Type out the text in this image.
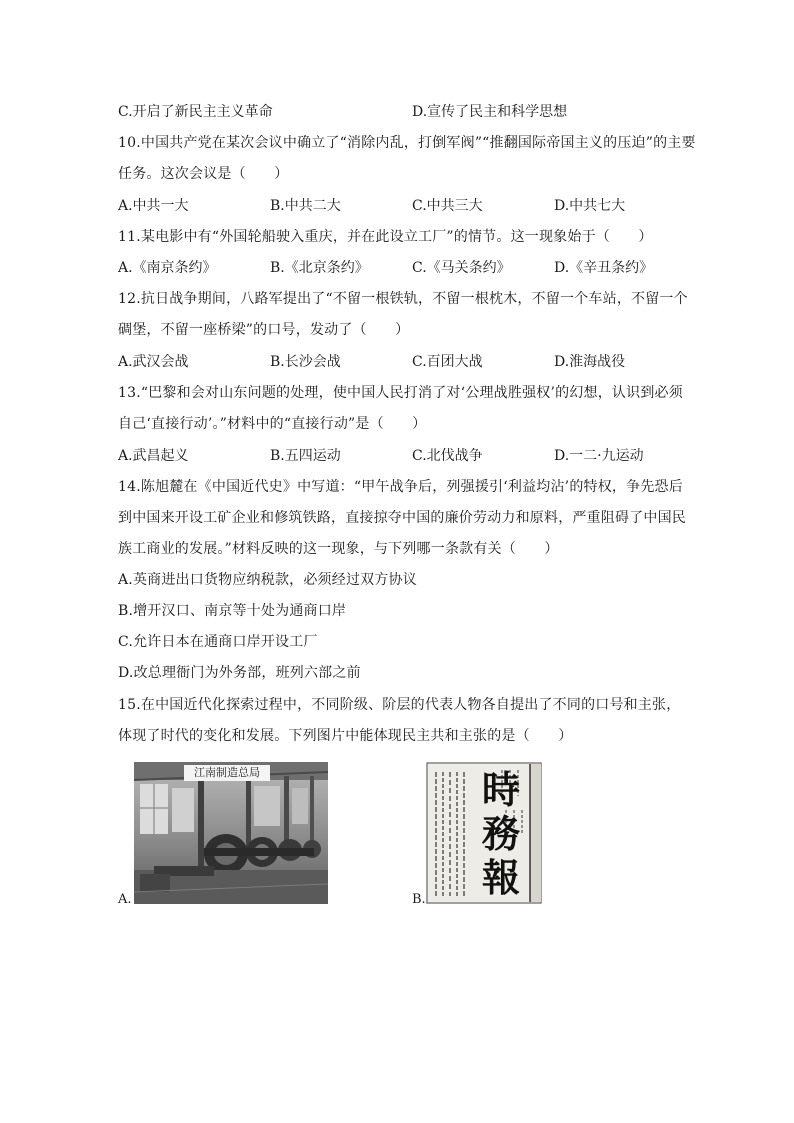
C.开启了新民主主义革命	D.宣传了民主和科学思想
10.中国共产党在某次会议中确立了“消除内乱，打倒军阀”“推翻国际帝国主义的压迫”的主要
任务。这次会议是（　　）
A.中共一大	B.中共二大	C.中共三大	D.中共七大
11.某电影中有“外国轮船驶入重庆，并在此设立工厂”的情节。这一现象始于（　　）
A.《南京条约》	B.《北京条约》	C.《马关条约》	D.《辛丑条约》
12.抗日战争期间，八路军提出了“不留一根铁轨，不留一根枕木，不留一个车站，不留一个
碉堡，不留一座桥梁”的口号，发动了（　　）
A.武汉会战	B.长沙会战	C.百团大战	D.淮海战役
13.“巴黎和会对山东问题的处理，使中国人民打消了对‘公理战胜强权’的幻想，认识到必须
自己‘直接行动’。”材料中的“直接行动”是（　　）
A.武昌起义	B.五四运动	C.北伐战争	D.一二·九运动
14.陈旭麓在《中国近代史》中写道：“甲午战争后，列强援引‘利益均沾’的特权，争先恐后
到中国来开设工矿企业和修筑铁路，直接掠夺中国的廉价劳动力和原料，严重阻碍了中国民
族工商业的发展。”材料反映的这一现象，与下列哪一条款有关（　　）
A.英商进出口货物应纳税款，必须经过双方协议
B.增开汉口、南京等十处为通商口岸
C.允许日本在通商口岸开设工厂
D.改总理衙门为外务部，班列六部之前
15.在中国近代化探索过程中，不同阶级、阶层的代表人物各自提出了不同的口号和主张，
体现了时代的变化和发展。下列图片中能体现民主共和主张的是（　　）
A.
江南制造总局
B.
時
務
報
